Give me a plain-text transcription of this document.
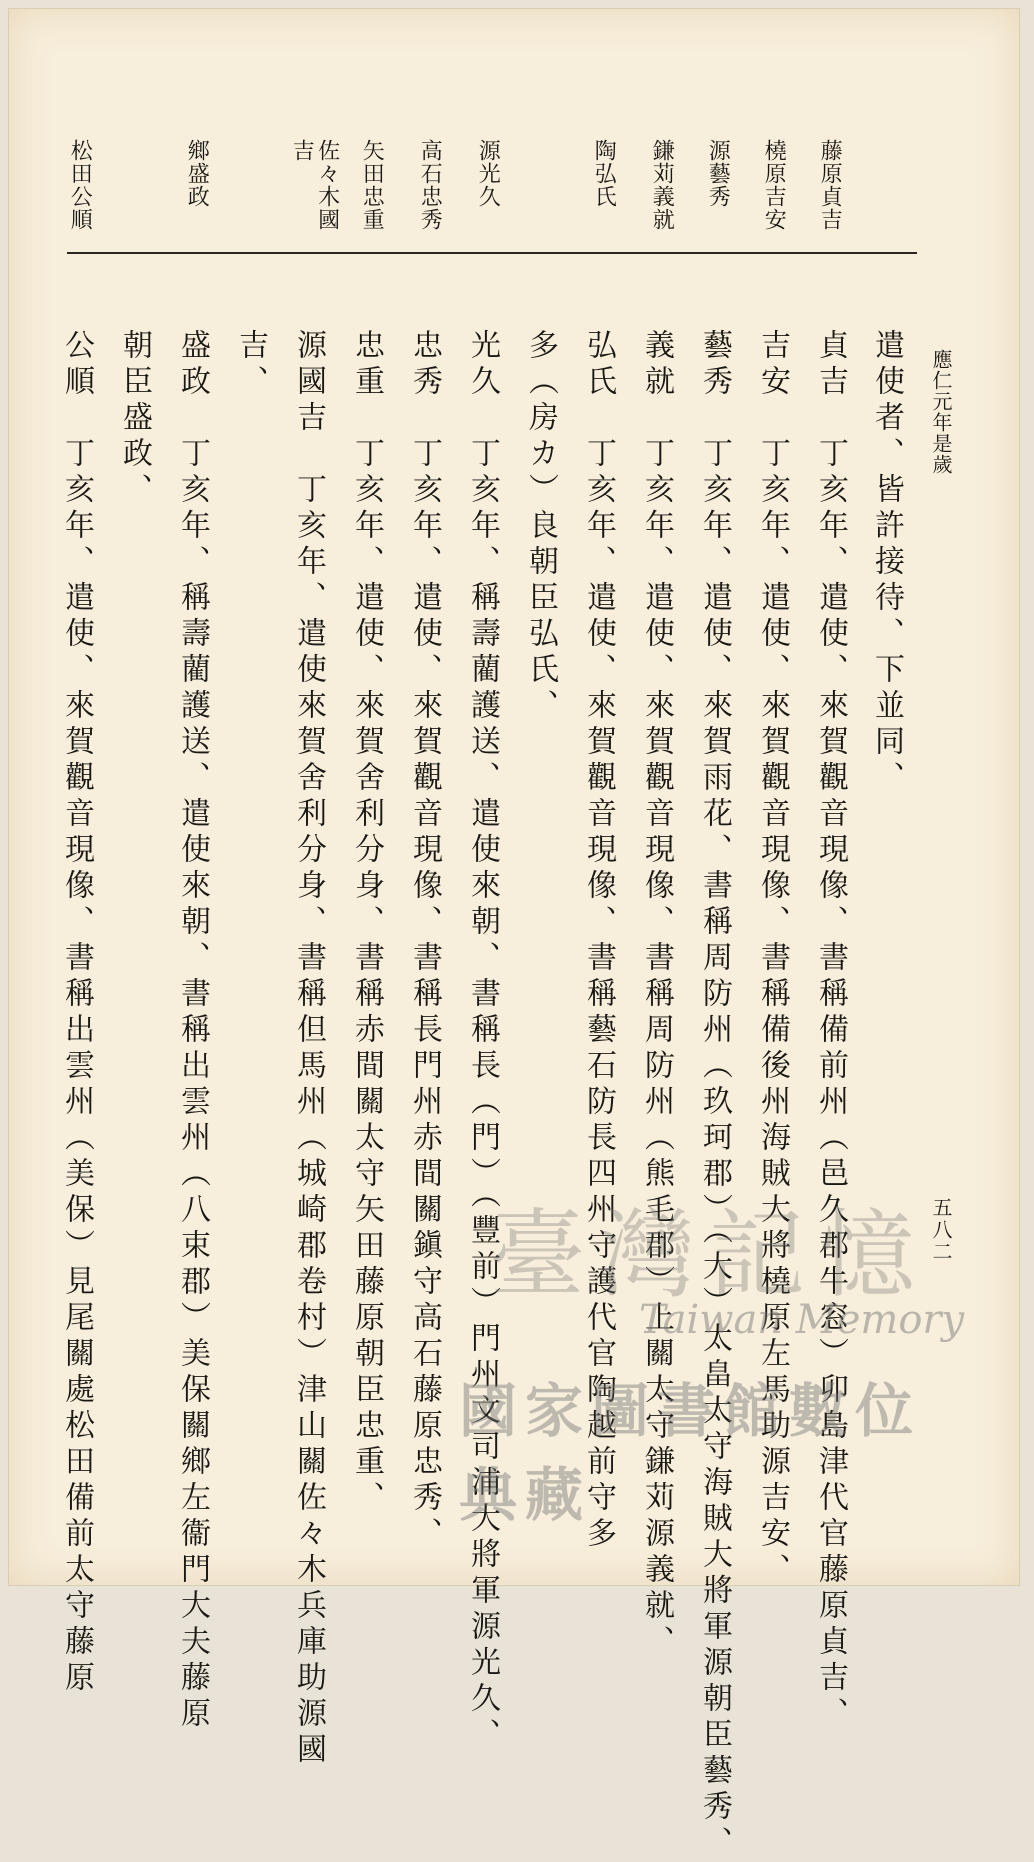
應仁元年是歲

五八二

藤原貞吉

橈原吉安

源藝秀

鎌苅義就

陶弘氏

源光久

高石忠秀

矢田忠重

佐々木國吉

鄉盛政

松田公順

遣使者、皆許接待、下並同、

貞吉　丁亥年、遣使、來賀觀音現像、書稱備前州（邑久郡牛窓）卯島津代官藤原貞吉、

吉安　丁亥年、遣使、來賀觀音現像、書稱備後州海賊大將橈原左馬助源吉安、

藝秀　丁亥年、遣使、來賀雨花、書稱周防州（玖珂郡）（大）太畠太守海賊大將軍源朝臣藝秀、

義就　丁亥年、遣使、來賀觀音現像、書稱周防州（熊毛郡）上關太守鎌苅源義就、

弘氏　丁亥年、遣使、來賀觀音現像、書稱藝石防長四州守護代官陶越前守多

多（房カ）良朝臣弘氏、

光久　丁亥年、稱壽藺護送、遣使來朝、書稱長（門）（豐前）門州文司浦大將軍源光久、

忠秀　丁亥年、遣使、來賀觀音現像、書稱長門州赤間關鎭守高石藤原忠秀、

忠重　丁亥年、遣使、來賀舍利分身、書稱赤間關太守矢田藤原朝臣忠重、

源國吉　丁亥年、遣使來賀舍利分身、書稱但馬州（城崎郡卷村）津山關佐々木兵庫助源國

吉、

盛政　丁亥年、稱壽藺護送、遣使來朝、書稱出雲州（八束郡）美保關鄉左衞門大夫藤原

朝臣盛政、

公順　丁亥年、遣使、來賀觀音現像、書稱出雲州（美保）見尾關處松田備前太守藤原	臺灣記憶
Taiwan Memory
國家圖書館數位典藏
